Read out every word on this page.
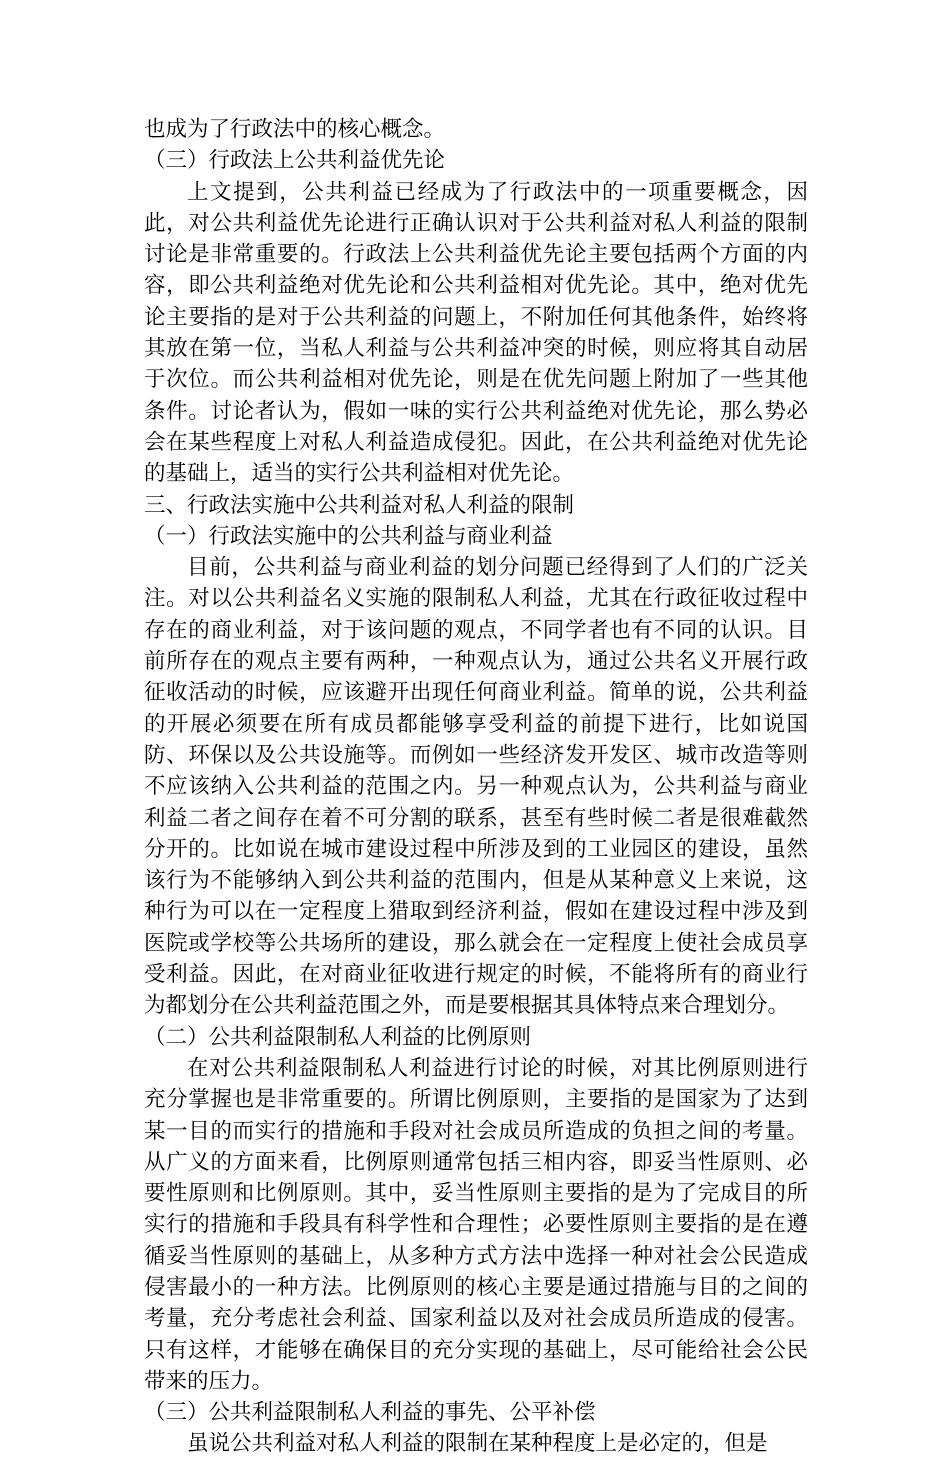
也成为了行政法中的核心概念。

（三）行政法上公共利益优先论

上文提到，公共利益已经成为了行政法中的一项重要概念，因此，对公共利益优先论进行正确认识对于公共利益对私人利益的限制讨论是非常重要的。行政法上公共利益优先论主要包括两个方面的内容，即公共利益绝对优先论和公共利益相对优先论。其中，绝对优先论主要指的是对于公共利益的问题上，不附加任何其他条件，始终将其放在第一位，当私人利益与公共利益冲突的时候，则应将其自动居于次位。而公共利益相对优先论，则是在优先问题上附加了一些其他条件。讨论者认为，假如一味的实行公共利益绝对优先论，那么势必会在某些程度上对私人利益造成侵犯。因此，在公共利益绝对优先论的基础上，适当的实行公共利益相对优先论。

三、行政法实施中公共利益对私人利益的限制

（一）行政法实施中的公共利益与商业利益

目前，公共利益与商业利益的划分问题已经得到了人们的广泛关注。对以公共利益名义实施的限制私人利益，尤其在行政征收过程中存在的商业利益，对于该问题的观点，不同学者也有不同的认识。目前所存在的观点主要有两种，一种观点认为，通过公共名义开展行政征收活动的时候，应该避开出现任何商业利益。简单的说，公共利益的开展必须要在所有成员都能够享受利益的前提下进行，比如说国防、环保以及公共设施等。而例如一些经济发开发区、城市改造等则不应该纳入公共利益的范围之内。另一种观点认为，公共利益与商业利益二者之间存在着不可分割的联系，甚至有些时候二者是很难截然分开的。比如说在城市建设过程中所涉及到的工业园区的建设，虽然该行为不能够纳入到公共利益的范围内，但是从某种意义上来说，这种行为可以在一定程度上猎取到经济利益，假如在建设过程中涉及到医院或学校等公共场所的建设，那么就会在一定程度上使社会成员享受利益。因此，在对商业征收进行规定的时候，不能将所有的商业行为都划分在公共利益范围之外，而是要根据其具体特点来合理划分。

（二）公共利益限制私人利益的比例原则

在对公共利益限制私人利益进行讨论的时候，对其比例原则进行充分掌握也是非常重要的。所谓比例原则，主要指的是国家为了达到某一目的而实行的措施和手段对社会成员所造成的负担之间的考量。从广义的方面来看，比例原则通常包括三相内容，即妥当性原则、必要性原则和比例原则。其中，妥当性原则主要指的是为了完成目的所实行的措施和手段具有科学性和合理性；必要性原则主要指的是在遵循妥当性原则的基础上，从多种方式方法中选择一种对社会公民造成侵害最小的一种方法。比例原则的核心主要是通过措施与目的之间的考量，充分考虑社会利益、国家利益以及对社会成员所造成的侵害。只有这样，才能够在确保目的充分实现的基础上，尽可能给社会公民带来的压力。

（三）公共利益限制私人利益的事先、公平补偿

虽说公共利益对私人利益的限制在某种程度上是必定的，但是
